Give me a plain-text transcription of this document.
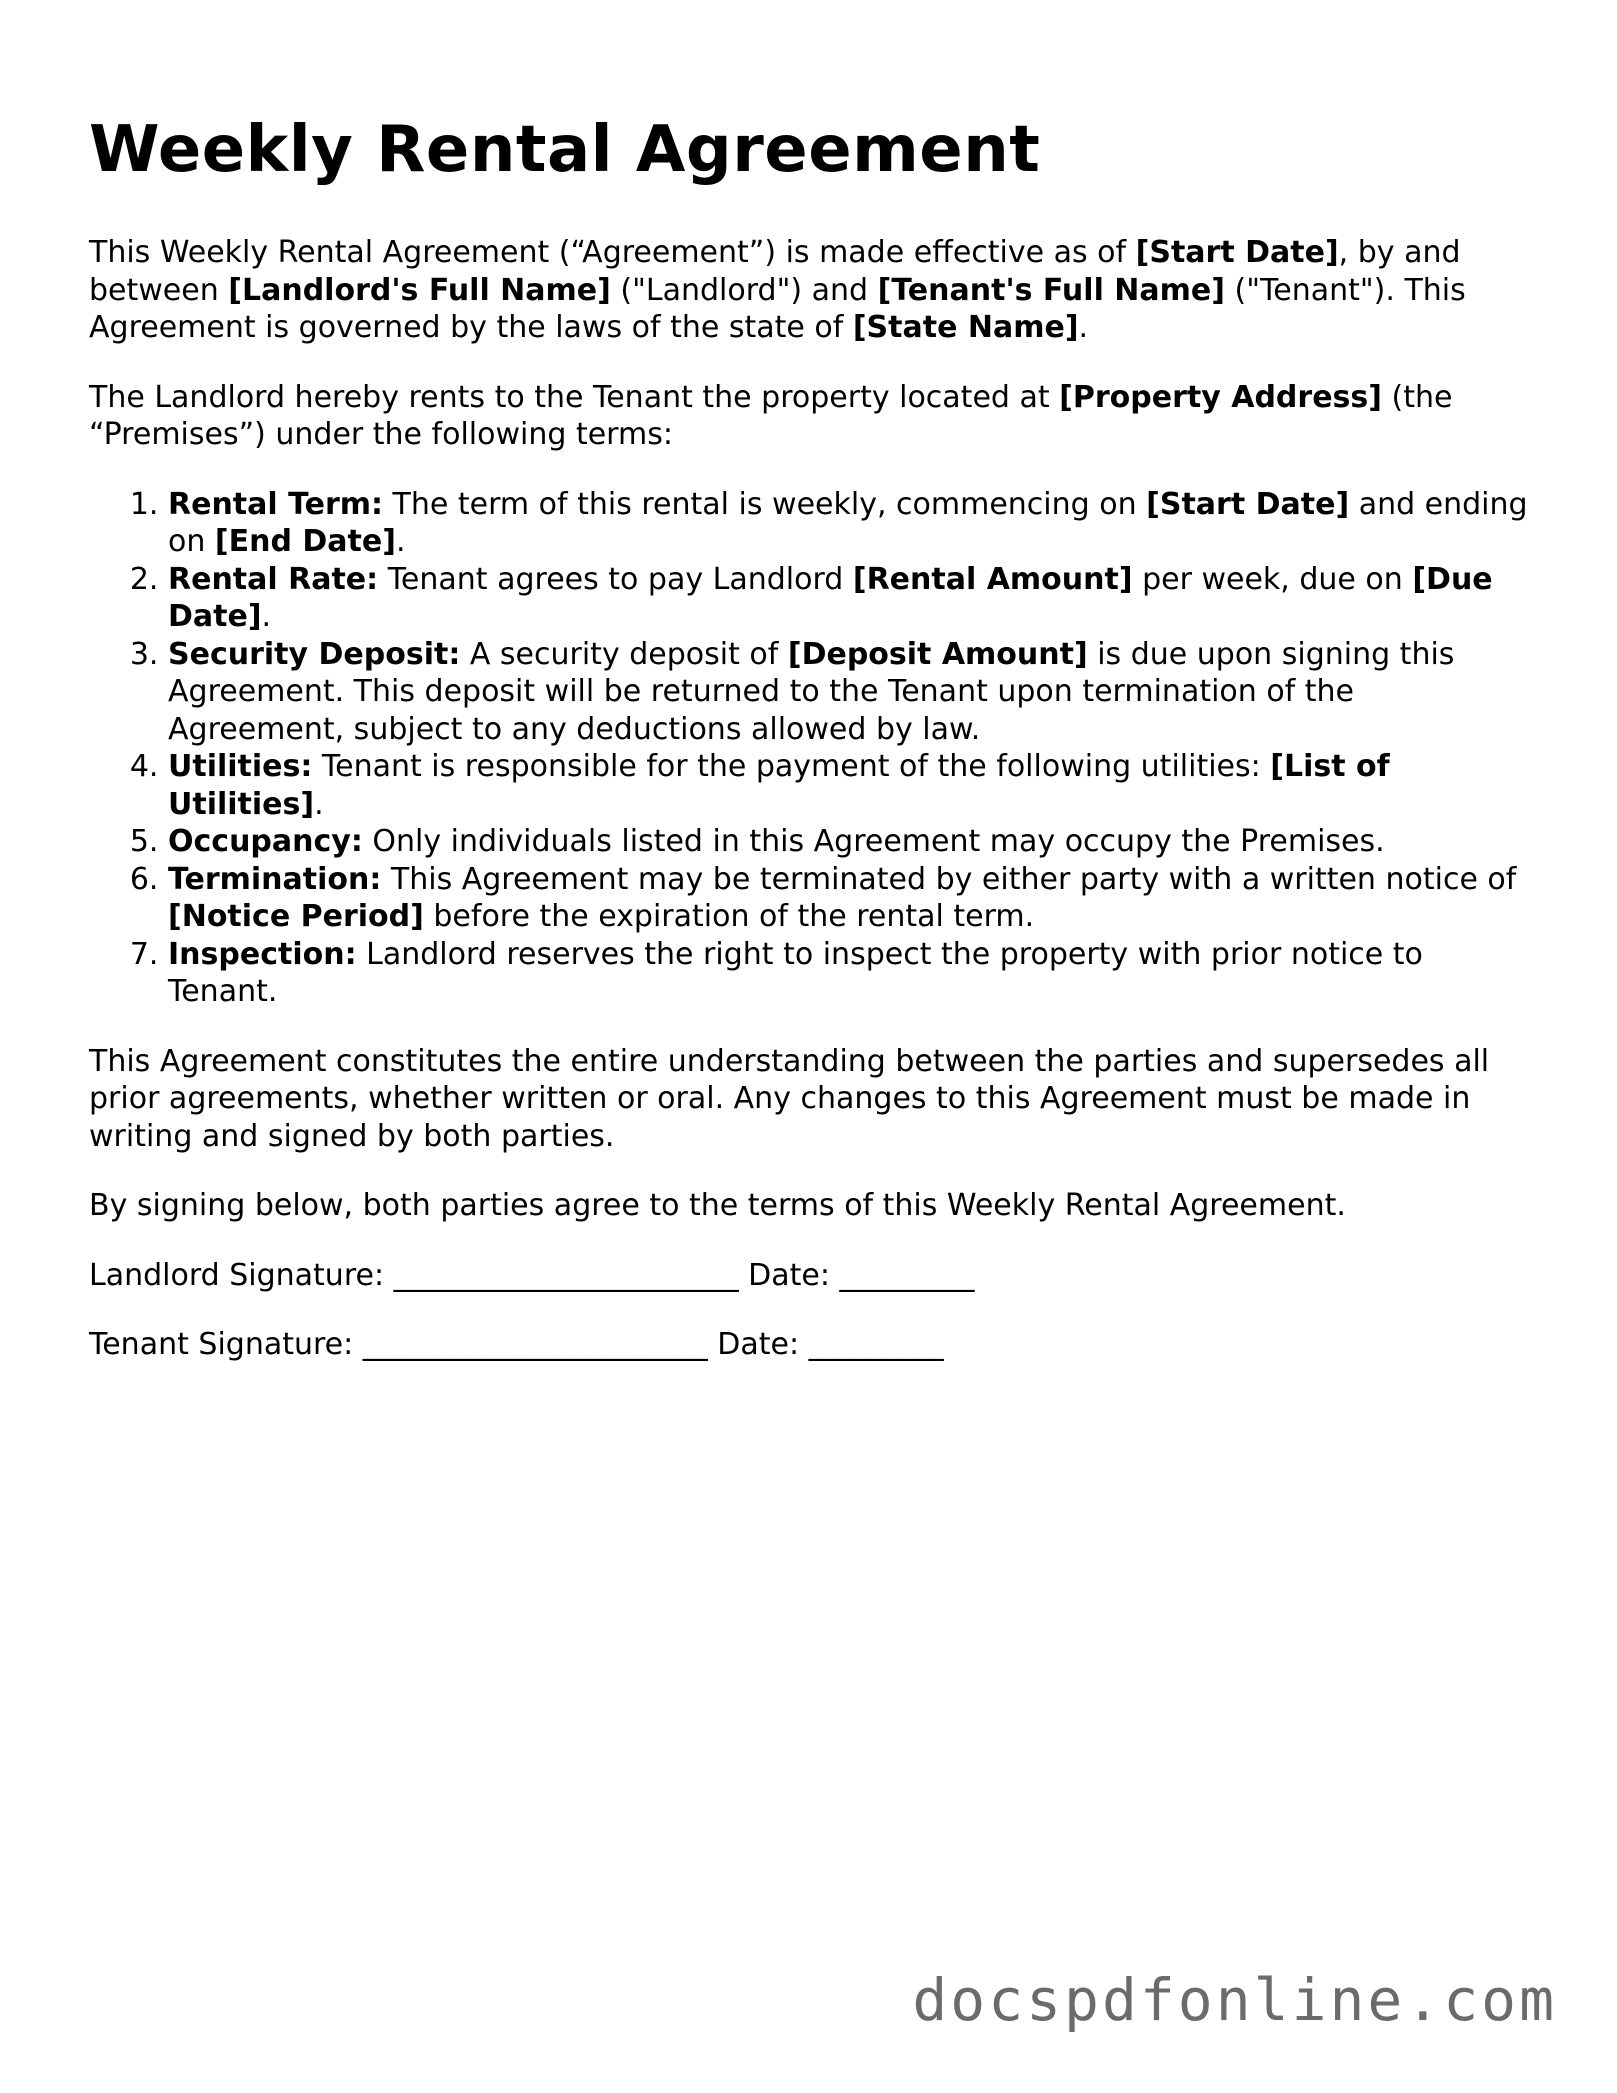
Weekly Rental Agreement

This Weekly Rental Agreement (“Agreement”) is made effective as of [Start Date], by and between [Landlord's Full Name] ("Landlord") and [Tenant's Full Name] ("Tenant"). This Agreement is governed by the laws of the state of [State Name].

The Landlord hereby rents to the Tenant the property located at [Property Address] (the “Premises”) under the following terms:

1. Rental Term: The term of this rental is weekly, commencing on [Start Date] and ending on [End Date].
2. Rental Rate: Tenant agrees to pay Landlord [Rental Amount] per week, due on [Due Date].
3. Security Deposit: A security deposit of [Deposit Amount] is due upon signing this Agreement. This deposit will be returned to the Tenant upon termination of the Agreement, subject to any deductions allowed by law.
4. Utilities: Tenant is responsible for the payment of the following utilities: [List of Utilities].
5. Occupancy: Only individuals listed in this Agreement may occupy the Premises.
6. Termination: This Agreement may be terminated by either party with a written notice of [Notice Period] before the expiration of the rental term.
7. Inspection: Landlord reserves the right to inspect the property with prior notice to Tenant.

This Agreement constitutes the entire understanding between the parties and supersedes all prior agreements, whether written or oral. Any changes to this Agreement must be made in writing and signed by both parties.

By signing below, both parties agree to the terms of this Weekly Rental Agreement.

Landlord Signature: _______________________ Date: _________
Tenant Signature: _______________________ Date: _________
docspdfonline.com
